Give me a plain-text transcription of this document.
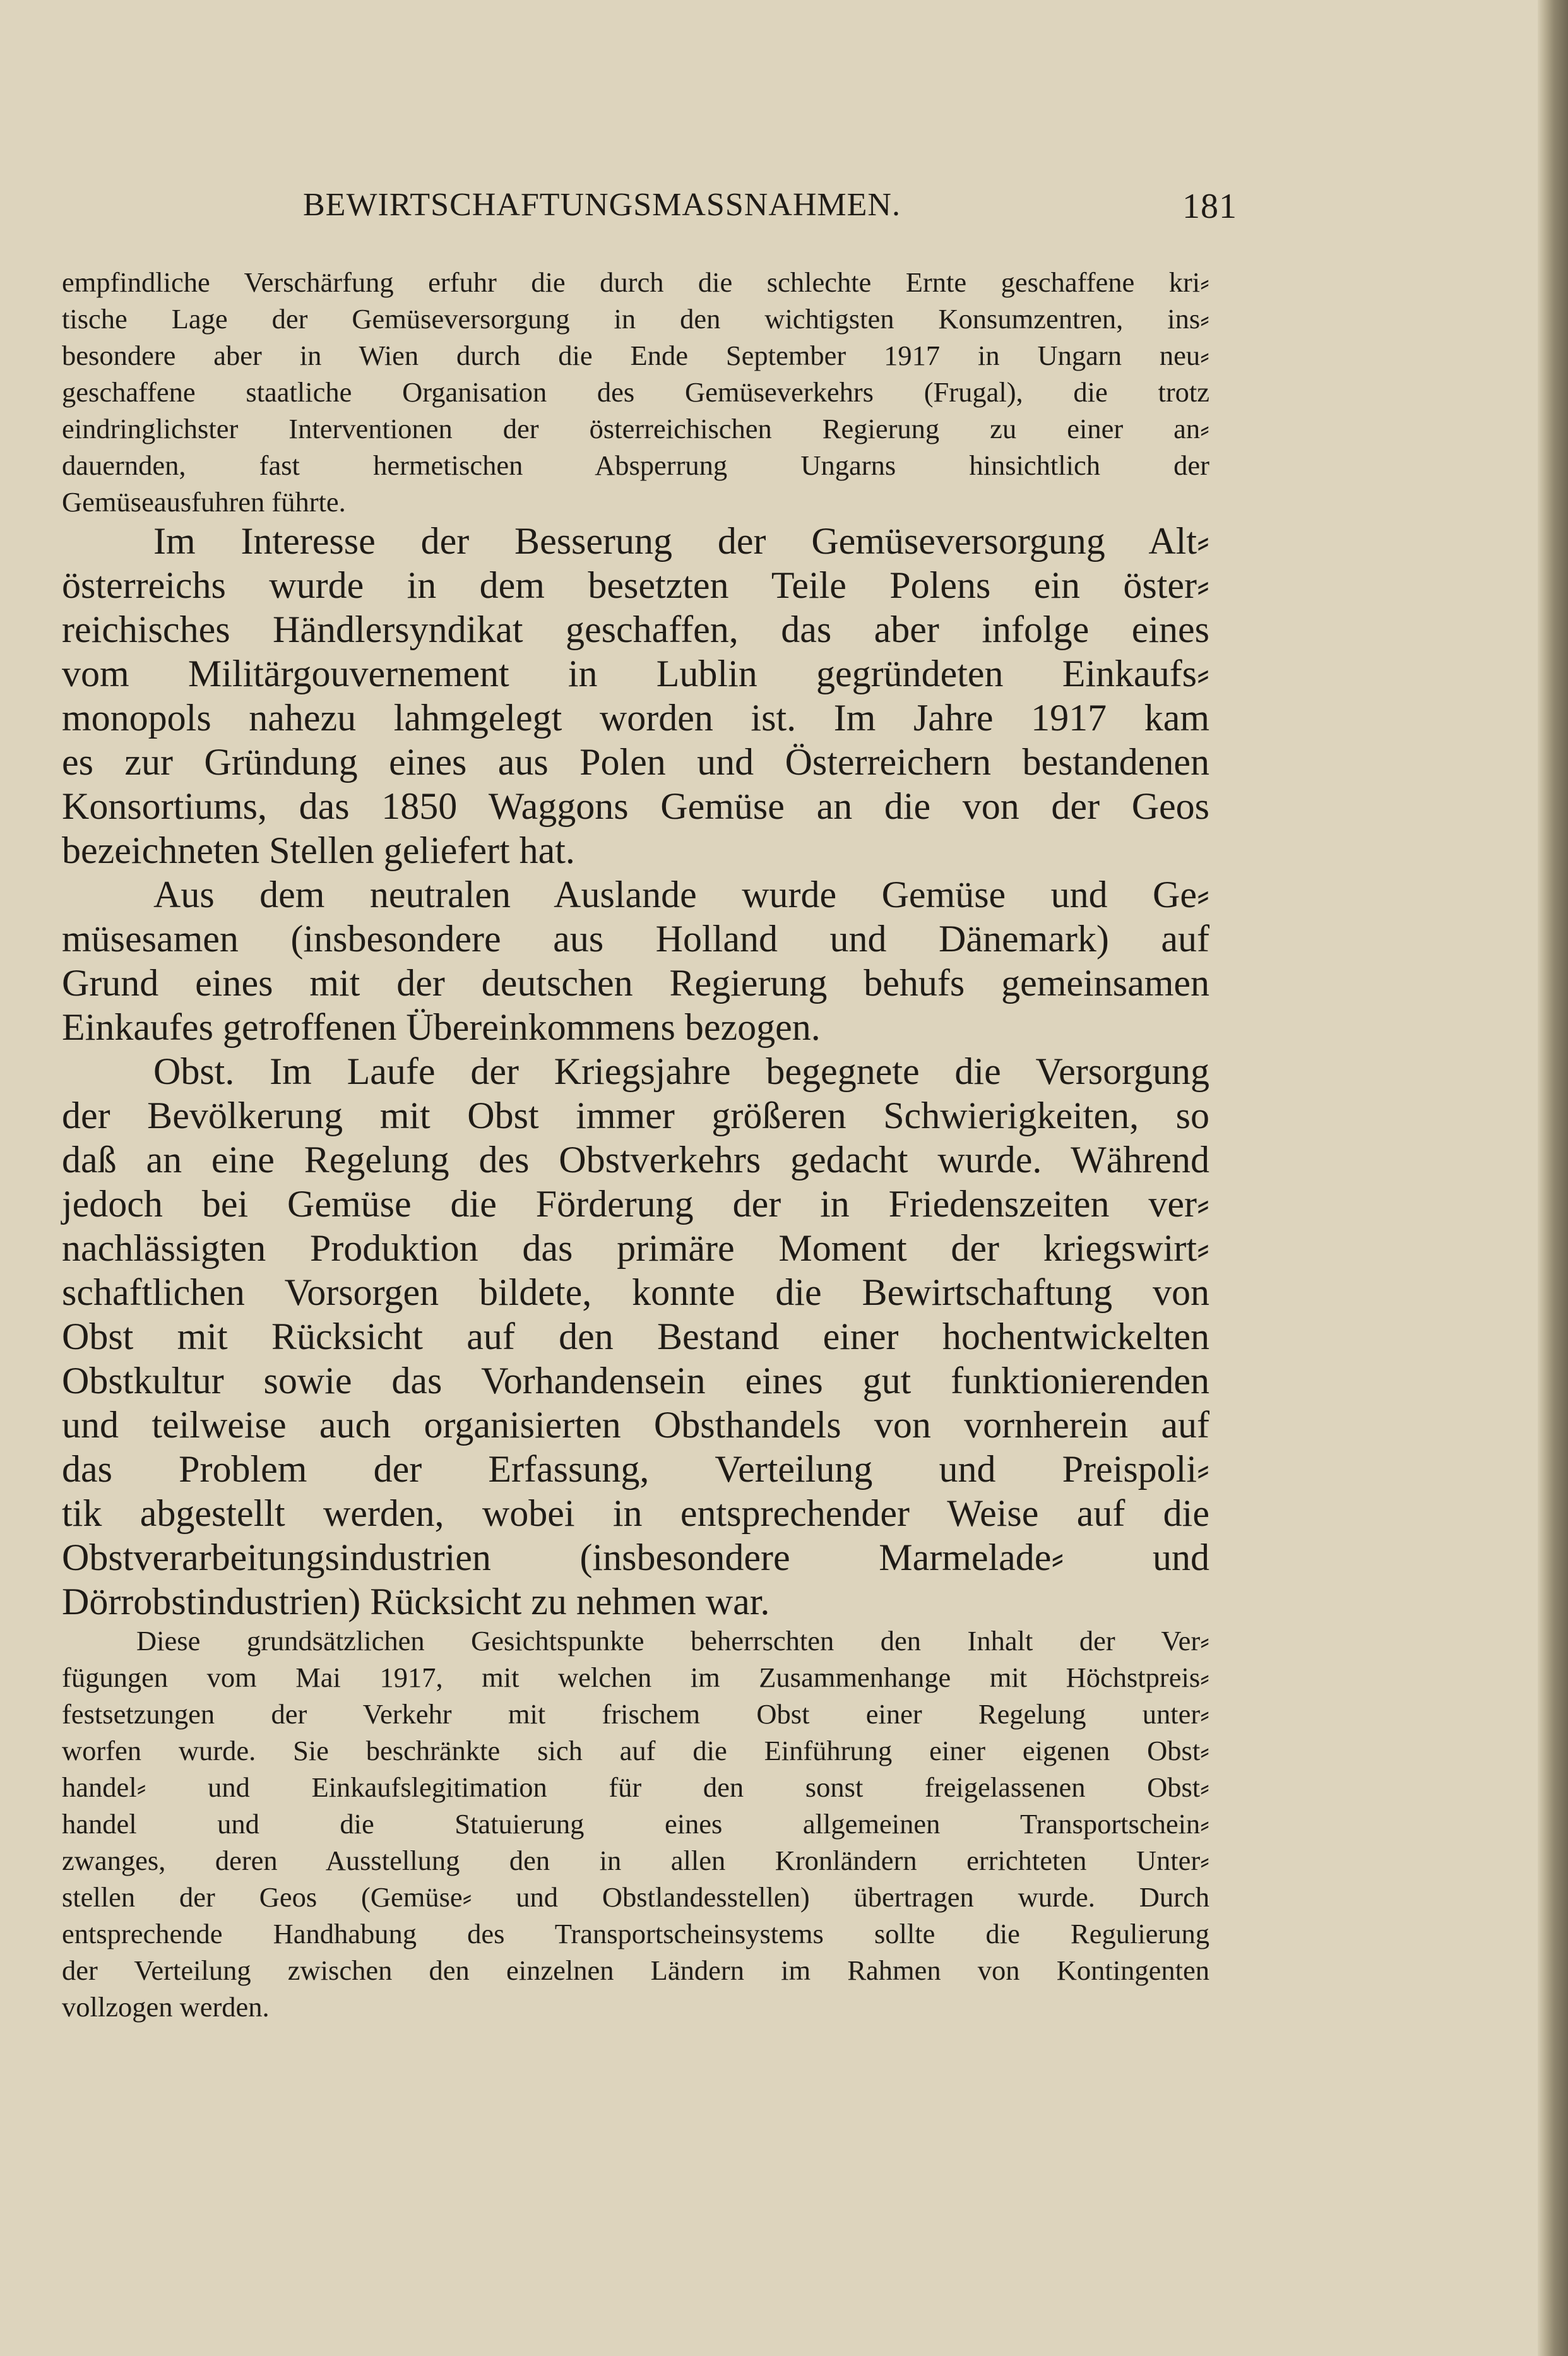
BEWIRTSCHAFTUNGSMASSNAHMEN.	181
empfindliche Verschärfung erfuhr die durch die schlechte Ernte geschaffene kri⸗
tische Lage der Gemüseversorgung in den wichtigsten Konsumzentren, ins⸗
besondere aber in Wien durch die Ende September 1917 in Ungarn neu⸗
geschaffene staatliche Organisation des Gemüseverkehrs (Frugal), die trotz
eindringlichster Interventionen der österreichischen Regierung zu einer an⸗
dauernden, fast hermetischen Absperrung Ungarns hinsichtlich der
Gemüseausfuhren führte.
Im Interesse der Besserung der Gemüseversorgung Alt⸗
österreichs wurde in dem besetzten Teile Polens ein öster⸗
reichisches Händlersyndikat geschaffen, das aber infolge eines
vom Militärgouvernement in Lublin gegründeten Einkaufs⸗
monopols nahezu lahmgelegt worden ist. Im Jahre 1917 kam
es zur Gründung eines aus Polen und Österreichern bestandenen
Konsortiums, das 1850 Waggons Gemüse an die von der Geos
bezeichneten Stellen geliefert hat.
Aus dem neutralen Auslande wurde Gemüse und Ge⸗
müsesamen (insbesondere aus Holland und Dänemark) auf
Grund eines mit der deutschen Regierung behufs gemeinsamen
Einkaufes getroffenen Übereinkommens bezogen.
Obst. Im Laufe der Kriegsjahre begegnete die Versorgung
der Bevölkerung mit Obst immer größeren Schwierigkeiten, so
daß an eine Regelung des Obstverkehrs gedacht wurde. Während
jedoch bei Gemüse die Förderung der in Friedenszeiten ver⸗
nachlässigten Produktion das primäre Moment der kriegswirt⸗
schaftlichen Vorsorgen bildete, konnte die Bewirtschaftung von
Obst mit Rücksicht auf den Bestand einer hochentwickelten
Obstkultur sowie das Vorhandensein eines gut funktionierenden
und teilweise auch organisierten Obsthandels von vornherein auf
das Problem der Erfassung, Verteilung und Preispoli⸗
tik abgestellt werden, wobei in entsprechender Weise auf die
Obstverarbeitungsindustrien (insbesondere Marmelade⸗ und
Dörrobstindustrien) Rücksicht zu nehmen war.
Diese grundsätzlichen Gesichtspunkte beherrschten den Inhalt der Ver⸗
fügungen vom Mai 1917, mit welchen im Zusammenhange mit Höchstpreis⸗
festsetzungen der Verkehr mit frischem Obst einer Regelung unter⸗
worfen wurde. Sie beschränkte sich auf die Einführung einer eigenen Obst⸗
handel⸗ und Einkaufslegitimation für den sonst freigelassenen Obst⸗
handel und die Statuierung eines allgemeinen Transportschein⸗
zwanges, deren Ausstellung den in allen Kronländern errichteten Unter⸗
stellen der Geos (Gemüse⸗ und Obstlandesstellen) übertragen wurde. Durch
entsprechende Handhabung des Transportscheinsystems sollte die Regulierung
der Verteilung zwischen den einzelnen Ländern im Rahmen von Kontingenten
vollzogen werden.
